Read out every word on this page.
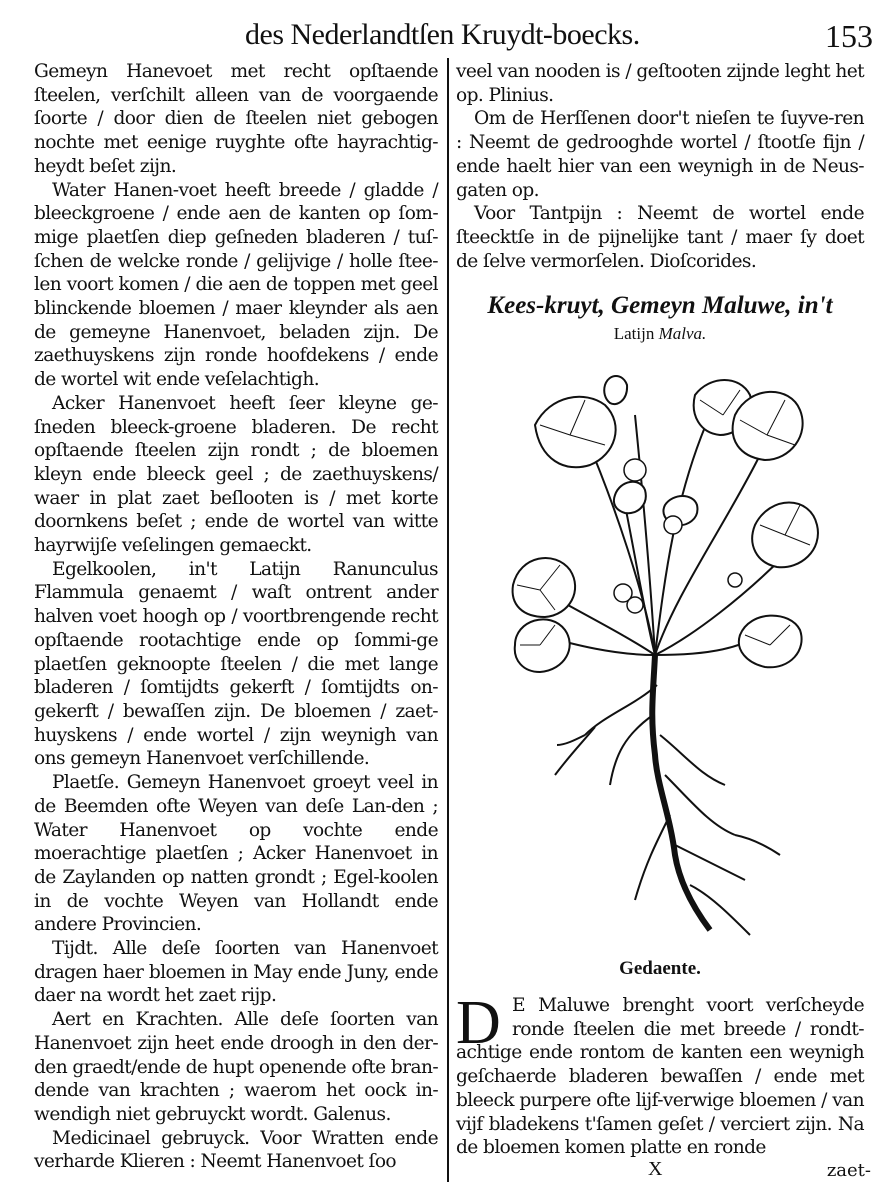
des Nederlandtſen Kruydt-boecks.	153

Gemeyn Hanevoet met recht opſtaende ſteelen, verſchilt alleen van de voorgaende ſoorte / door dien de ſteelen niet gebogen nochte met eenige ruyghte ofte hayrachtig-heydt beſet zijn.

Water Hanen-voet heeft breede / gladde / bleeckgroene / ende aen de kanten op ſom-mige plaetſen diep geſneden bladeren / tuſ-ſchen de welcke ronde / gelijvige / holle ſtee-len voort komen / die aen de toppen met geel blinckende bloemen / maer kleynder als aen de gemeyne Hanenvoet, beladen zijn. De zaethuyskens zijn ronde hoofdekens / ende de wortel wit ende veſelachtigh.

Acker Hanenvoet heeft ſeer kleyne ge-ſneden bleeck-groene bladeren. De recht opſtaende ſteelen zijn rondt ; de bloemen kleyn ende bleeck geel ; de zaethuyskens/ waer in plat zaet beſlooten is / met korte doornkens beſet ; ende de wortel van witte hayrwijſe veſelingen gemaeckt.

Egelkoolen, in't Latijn Ranunculus Flammula genaemt / waſt ontrent ander halven voet hoogh op / voortbrengende recht opſtaende rootachtige ende op ſommi-ge plaetſen geknoopte ſteelen / die met lange bladeren / ſomtijdts gekerft / ſomtijdts on-gekerft / bewaſſen zijn. De bloemen / zaet-huyskens / ende wortel / zijn weynigh van ons gemeyn Hanenvoet verſchillende.

Plaetſe. Gemeyn Hanenvoet groeyt veel in de Beemden ofte Weyen van deſe Lan-den ; Water Hanenvoet op vochte ende moerachtige plaetſen ; Acker Hanenvoet in de Zaylanden op natten grondt ; Egel-koolen in de vochte Weyen van Hollandt ende andere Provincien.

Tijdt. Alle deſe ſoorten van Hanenvoet dragen haer bloemen in May ende Juny, ende daer na wordt het zaet rijp.

Aert en Krachten. Alle deſe ſoorten van Hanenvoet zijn heet ende droogh in den der-den graedt/ende de hupt openende ofte bran-dende van krachten ; waerom het oock in-wendigh niet gebruyckt wordt. Galenus.

Medicinael gebruyck. Voor Wratten ende verharde Klieren : Neemt Hanenvoet ſoo

veel van nooden is / geſtooten zijnde leght het op. Plinius.

Om de Herſſenen door't nieſen te ſuyve-ren : Neemt de gedrooghde wortel / ſtootſe fijn / ende haelt hier van een weynigh in de Neus-gaten op.

Voor Tantpijn : Neemt de wortel ende ſteecktſe in de pijnelijke tant / maer ſy doet de ſelve vermorſelen. Dioſcorides.

Kees-kruyt, Gemeyn Maluwe, in't
Latijn Malva.
Gedaente.

E Maluwe brenght voort verſcheyde ronde ſteelen die met breede / rondt-achtige ende rontom de kanten een weynigh geſchaerde bladeren bewaſſen / ende met bleeck purpere ofte lijf-verwige bloemen / van vijf bladekens t'ſamen geſet / verciert zijn. Na de bloemen komen platte en ronde

D
X	zaet-
